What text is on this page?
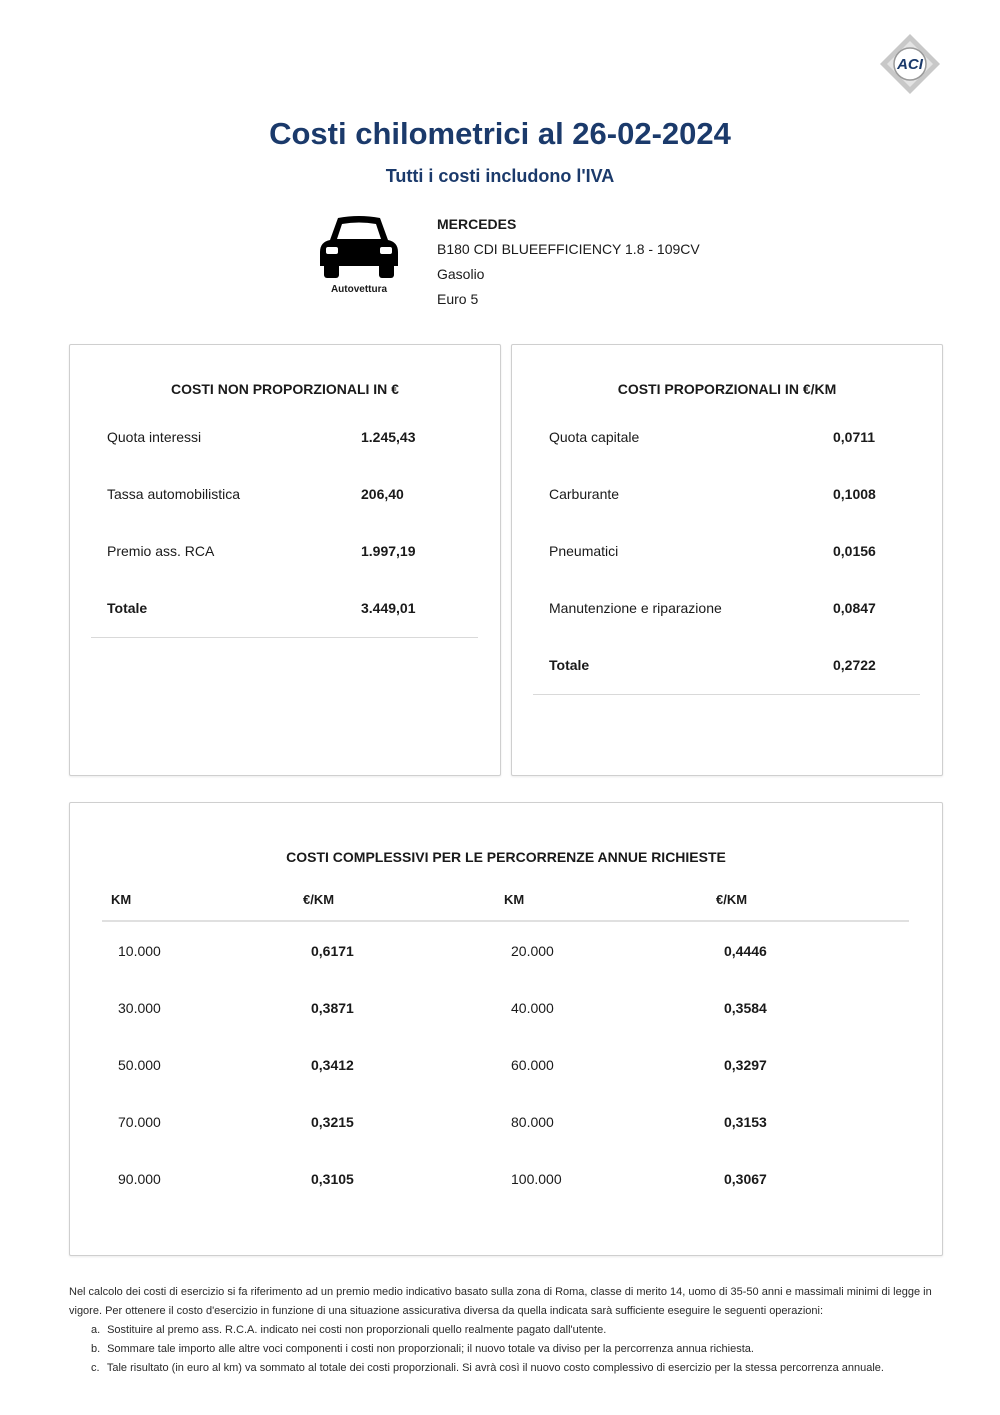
ACI
Costi chilometrici al 26-02-2024
Tutti i costi includono l'IVA
Autovettura
MERCEDES
B180 CDI BLUEEFFICIENCY 1.8 - 109CV
Gasolio
Euro 5
COSTI NON PROPORZIONALI IN €
Quota interessi	1.245,43
Tassa automobilistica	206,40
Premio ass. RCA	1.997,19
Totale	3.449,01
COSTI PROPORZIONALI IN €/KM
Quota capitale	0,0711
Carburante	0,1008
Pneumatici	0,0156
Manutenzione e riparazione	0,0847
Totale	0,2722
COSTI COMPLESSIVI PER LE PERCORRENZE ANNUE RICHIESTE
KM	€/KM	KM	€/KM
10.000	0,6171	20.000	0,4446
30.000	0,3871	40.000	0,3584
50.000	0,3412	60.000	0,3297
70.000	0,3215	80.000	0,3153
90.000	0,3105	100.000	0,3067

Nel calcolo dei costi di esercizio si fa riferimento ad un premio medio indicativo basato sulla zona di Roma, classe di merito 14, uomo di 35-50 anni e massimali minimi di legge in vigore. Per ottenere il costo d'esercizio in funzione di una situazione assicurativa diversa da quella indicata sarà sufficiente eseguire le seguenti operazioni:

a. Sostituire al premo ass. R.C.A. indicato nei costi non proporzionali quello realmente pagato dall'utente.
b. Sommare tale importo alle altre voci componenti i costi non proporzionali; il nuovo totale va diviso per la percorrenza annua richiesta.
c. Tale risultato (in euro al km) va sommato al totale dei costi proporzionali. Si avrà così il nuovo costo complessivo di esercizio per la stessa percorrenza annuale.
